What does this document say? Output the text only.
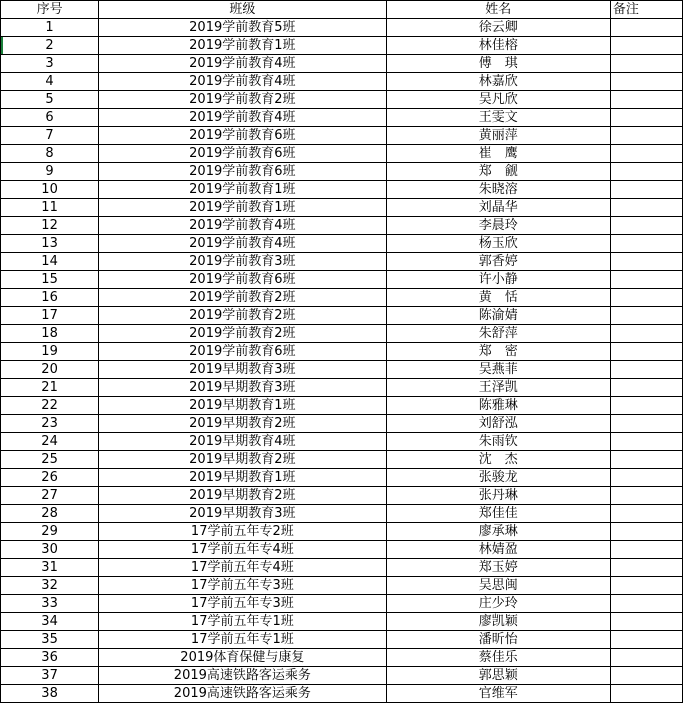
序号	班级	姓名	备注
1	2019学前教育5班	徐云卿	
2	2019学前教育1班	林佳榕	
3	2019学前教育4班	傅　琪	
4	2019学前教育4班	林嘉欣	
5	2019学前教育2班	吴凡欣	
6	2019学前教育4班	王雯文	
7	2019学前教育6班	黄丽萍	
8	2019学前教育6班	崔　鹰	
9	2019学前教育6班	郑　觎	
10	2019学前教育1班	朱晓溶	
11	2019学前教育1班	刘晶华	
12	2019学前教育4班	李晨玲	
13	2019学前教育4班	杨玉欣	
14	2019学前教育3班	郭香婷	
15	2019学前教育6班	许小静	
16	2019学前教育2班	黄　恬	
17	2019学前教育2班	陈渝婧	
18	2019学前教育2班	朱舒萍	
19	2019学前教育6班	郑　密	
20	2019早期教育3班	吴燕菲	
21	2019早期教育3班	王泽凯	
22	2019早期教育1班	陈雅琳	
23	2019早期教育2班	刘舒泓	
24	2019早期教育4班	朱雨钦	
25	2019早期教育2班	沈　杰	
26	2019早期教育1班	张骏龙	
27	2019早期教育2班	张丹琳	
28	2019早期教育3班	郑佳佳	
29	17学前五年专2班	廖承琳	
30	17学前五年专4班	林婧盈	
31	17学前五年专4班	郑玉婷	
32	17学前五年专3班	吴思闽	
33	17学前五年专3班	庄少玲	
34	17学前五年专1班	廖凯颖	
35	17学前五年专1班	潘昕怡	
36	2019体育保健与康复	蔡佳乐	
37	2019高速铁路客运乘务	郭思颖	
38	2019高速铁路客运乘务	官维军	
